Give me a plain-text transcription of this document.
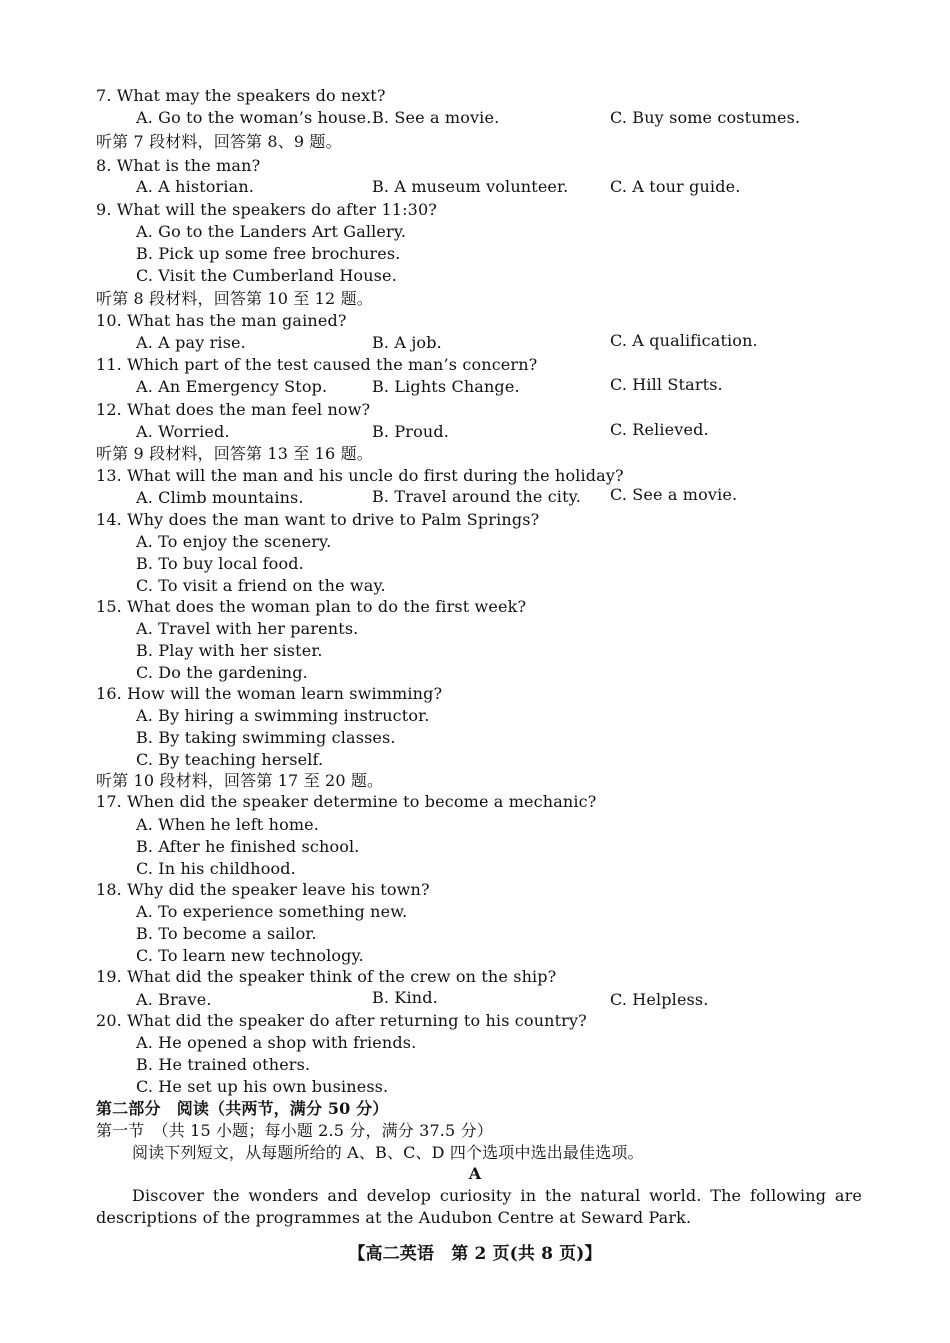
7. What may the speakers do next?
A. Go to the woman’s house. B. See a movie.	C. Buy some costumes.
听第 7 段材料，回答第 8、9 题。
8. What is the man?
A. A historian.	B. A museum volunteer.	C. A tour guide.
9. What will the speakers do after 11:30?
A. Go to the Landers Art Gallery.
B. Pick up some free brochures.
C. Visit the Cumberland House.
听第 8 段材料，回答第 10 至 12 题。
10. What has the man gained?
A. A pay rise.	B. A job.	C. A qualification.
11. Which part of the test caused the man’s concern?
A. An Emergency Stop.	B. Lights Change.	C. Hill Starts.
12. What does the man feel now?
A. Worried.	B. Proud.	C. Relieved.
听第 9 段材料，回答第 13 至 16 题。
13. What will the man and his uncle do first during the holiday?
A. Climb mountains.	B. Travel around the city. C. See a movie.
14. Why does the man want to drive to Palm Springs?
A. To enjoy the scenery.
B. To buy local food.
C. To visit a friend on the way.
15. What does the woman plan to do the first week?
A. Travel with her parents.
B. Play with her sister.
C. Do the gardening.
16. How will the woman learn swimming?
A. By hiring a swimming instructor.
B. By taking swimming classes.
C. By teaching herself.
听第 10 段材料，回答第 17 至 20 题。
17. When did the speaker determine to become a mechanic?
A. When he left home.
B. After he finished school.
C. In his childhood.
18. Why did the speaker leave his town?
A. To experience something new.
B. To become a sailor.
C. To learn new technology.
19. What did the speaker think of the crew on the ship?
A. Brave.	B. Kind.	C. Helpless.
20. What did the speaker do after returning to his country?
A. He opened a shop with friends.
B. He trained others.
C. He set up his own business.
第二部分　阅读（共两节，满分 50 分）
第一节　（共 15 小题；每小题 2.5 分，满分 37.5 分）
阅读下列短文，从每题所给的 A、B、C、D 四个选项中选出最佳选项。
A
Discover the wonders and develop curiosity in the natural world. The following are descriptions of the programmes at the Audubon Centre at Seward Park.
【高二英语　第 2 页(共 8 页)】
